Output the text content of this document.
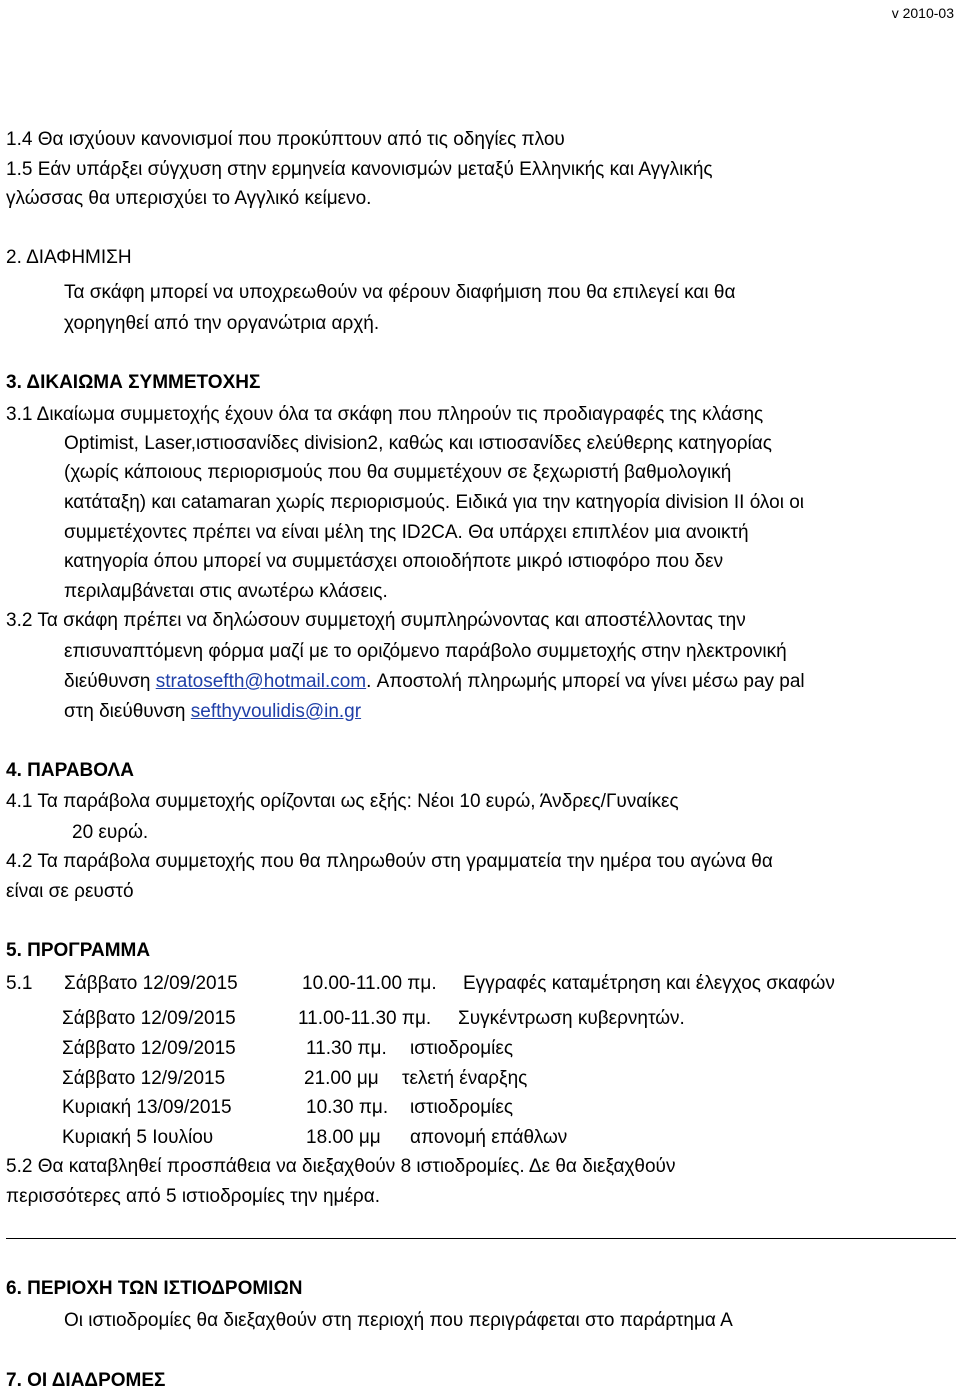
v 2010-03
1.4 Θα ισχύουν κανονισμοί που προκύπτουν από τις οδηγίες πλου
1.5 Εάν υπάρξει σύγχυση στην ερμηνεία κανονισμών μεταξύ Ελληνικής και Αγγλικής
γλώσσας θα υπερισχύει το Αγγλικό κείμενο.
2. ΔΙΑΦΗΜΙΣΗ
Τα σκάφη μπορεί να υποχρεωθούν να φέρουν διαφήμιση που θα επιλεγεί και θα
χορηγηθεί από την οργανώτρια αρχή.
3. ΔΙΚΑΙΩΜΑ ΣΥΜΜΕΤΟΧΗΣ
3.1 Δικαίωμα συμμετοχής έχουν όλα τα σκάφη που πληρούν τις προδιαγραφές της κλάσης
Optimist, Laser,ιστιοσανίδες division2, καθώς και ιστιοσανίδες ελεύθερης κατηγορίας
(χωρίς κάποιους περιορισμούς που θα συμμετέχουν σε ξεχωριστή βαθμολογική
κατάταξη) και catamaran χωρίς περιορισμούς. Ειδικά για την κατηγορία division II όλοι οι
συμμετέχοντες πρέπει να είναι μέλη της ID2CA. Θα υπάρχει επιπλέον μια ανοικτή
κατηγορία όπου μπορεί να συμμετάσχει οποιοδήποτε μικρό ιστιοφόρο που δεν
περιλαμβάνεται στις ανωτέρω κλάσεις.
3.2 Τα σκάφη πρέπει να δηλώσουν συμμετοχή συμπληρώνοντας και αποστέλλοντας την
επισυναπτόμενη φόρμα μαζί με το οριζόμενο παράβολο συμμετοχής στην ηλεκτρονική
διεύθυνση stratosefth@hotmail.com. Αποστολή πληρωμής μπορεί να γίνει μέσω pay pal
στη διεύθυνση sefthyvoulidis@in.gr
4. ΠΑΡΑΒΟΛΑ
4.1 Τα παράβολα συμμετοχής ορίζονται ως εξής: Νέοι 10 ευρώ, Άνδρες/Γυναίκες
20 ευρώ.
4.2 Τα παράβολα συμμετοχής που θα πληρωθούν στη γραμματεία την ημέρα του αγώνα θα
είναι σε ρευστό
5. ΠΡΟΓΡΑΜΜΑ
5.1 Σάββατο 12/09/2015	10.00-11.00 πμ. Εγγραφές καταμέτρηση και έλεγχος σκαφών
Σάββατο 12/09/2015	11.00-11.30 πμ. Συγκέντρωση κυβερνητών.
Σάββατο 12/09/2015	11.30 πμ. ιστιοδρομίες
Σάββατο 12/9/2015	21.00 μμ τελετή έναρξης
Κυριακή 13/09/2015	10.30 πμ. ιστιοδρομίες
Κυριακή 5 Ιουλίου	18.00 μμ απονομή επάθλων
5.2 Θα καταβληθεί προσπάθεια να διεξαχθούν 8 ιστιοδρομίες. Δε θα διεξαχθούν
περισσότερες από 5 ιστιοδρομίες την ημέρα.
6. ΠΕΡΙΟΧΗ ΤΩΝ ΙΣΤΙΟΔΡΟΜΙΩΝ
Οι ιστιοδρομίες θα διεξαχθούν στη περιοχή που περιγράφεται στο παράρτημα Α
7. ΟΙ ΔΙΑΔΡΟΜΕΣ
